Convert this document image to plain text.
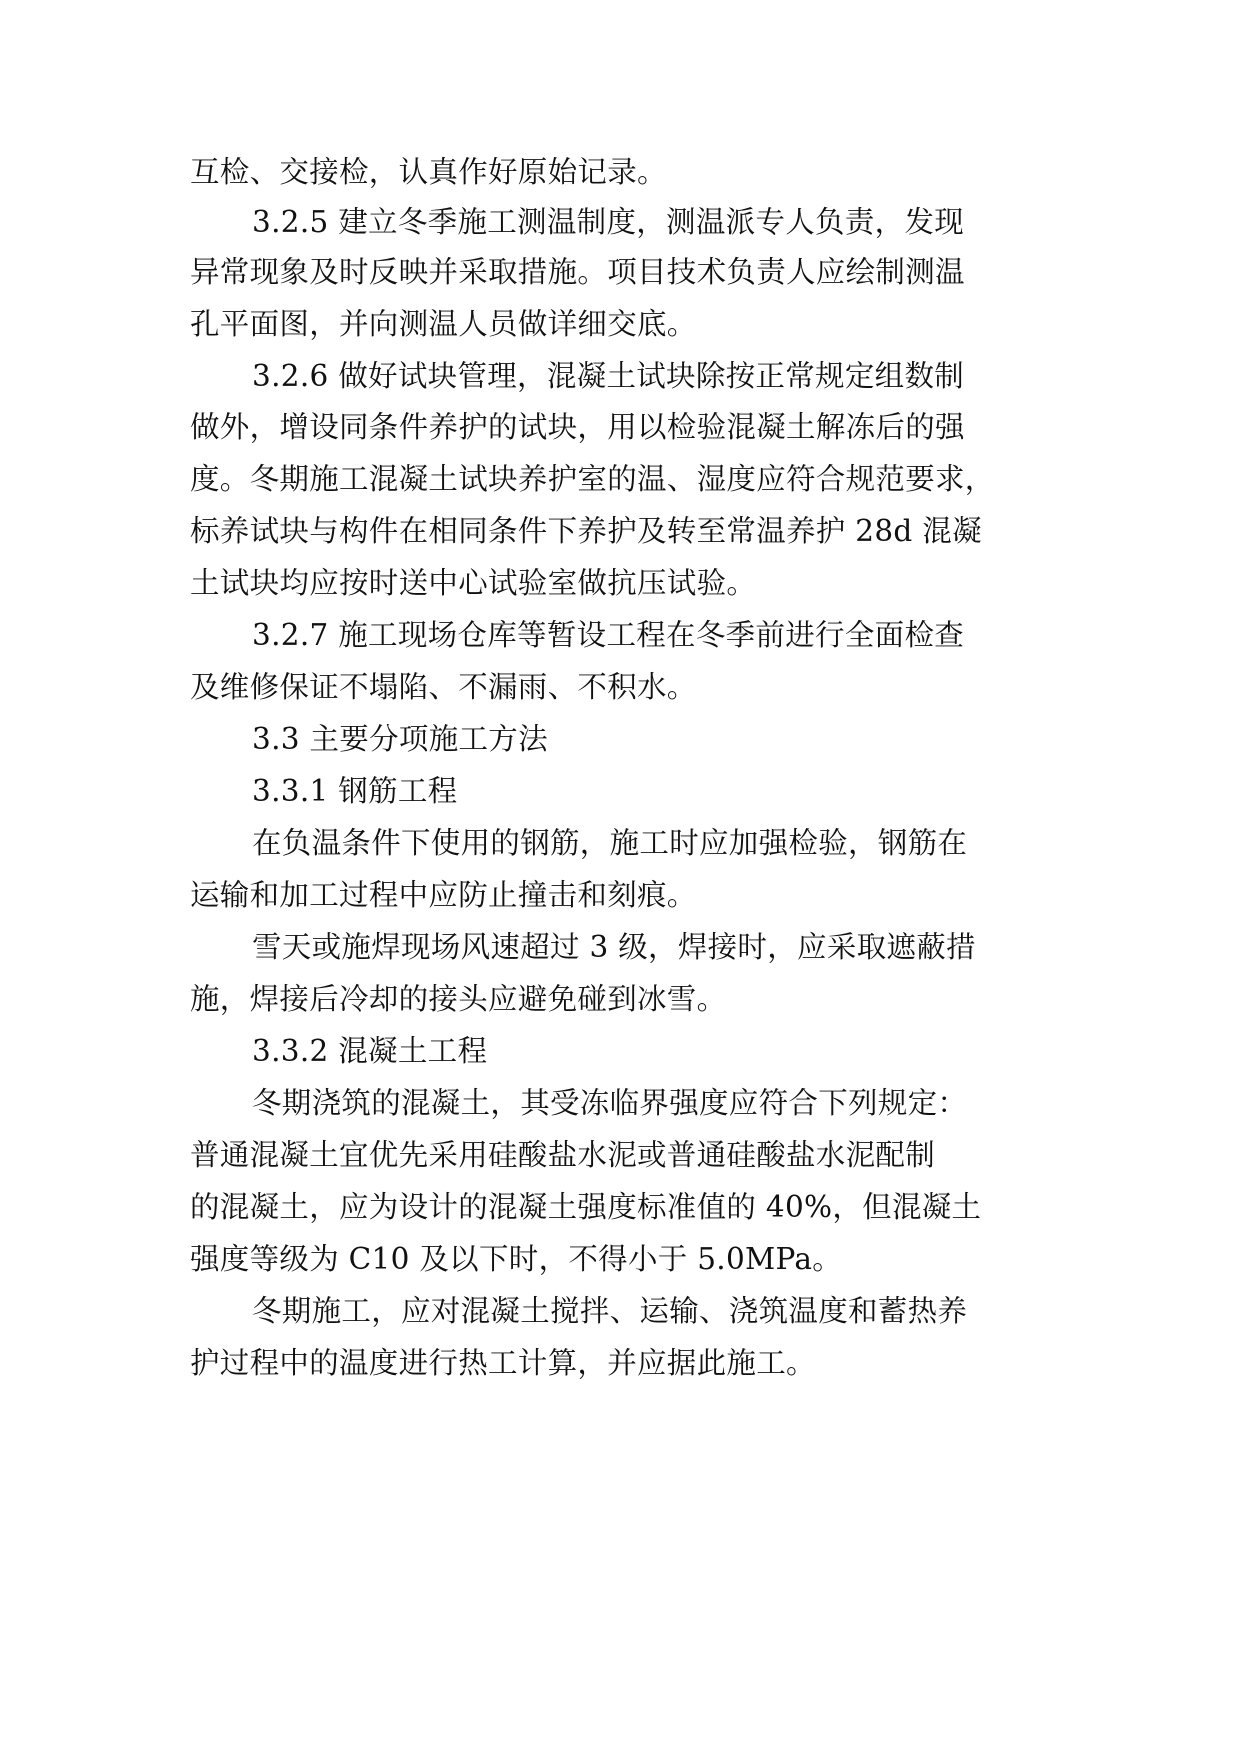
互检、交接检，认真作好原始记录。
3.2.5 建立冬季施工测温制度，测温派专人负责，发现
异常现象及时反映并采取措施。项目技术负责人应绘制测温
孔平面图，并向测温人员做详细交底。
3.2.6 做好试块管理，混凝土试块除按正常规定组数制
做外，增设同条件养护的试块，用以检验混凝土解冻后的强
度。冬期施工混凝土试块养护室的温、湿度应符合规范要求，
标养试块与构件在相同条件下养护及转至常温养护 28d 混凝
土试块均应按时送中心试验室做抗压试验。
3.2.7 施工现场仓库等暂设工程在冬季前进行全面检查
及维修保证不塌陷、不漏雨、不积水。
3.3 主要分项施工方法
3.3.1 钢筋工程
在负温条件下使用的钢筋，施工时应加强检验，钢筋在
运输和加工过程中应防止撞击和刻痕。
雪天或施焊现场风速超过 3 级，焊接时，应采取遮蔽措
施，焊接后冷却的接头应避免碰到冰雪。
3.3.2 混凝土工程
冬期浇筑的混凝土，其受冻临界强度应符合下列规定：
普通混凝土宜优先采用硅酸盐水泥或普通硅酸盐水泥配制
的混凝土，应为设计的混凝土强度标准值的 40%，但混凝土
强度等级为 C10 及以下时，不得小于 5.0MPa。
冬期施工，应对混凝土搅拌、运输、浇筑温度和蓄热养
护过程中的温度进行热工计算，并应据此施工。
